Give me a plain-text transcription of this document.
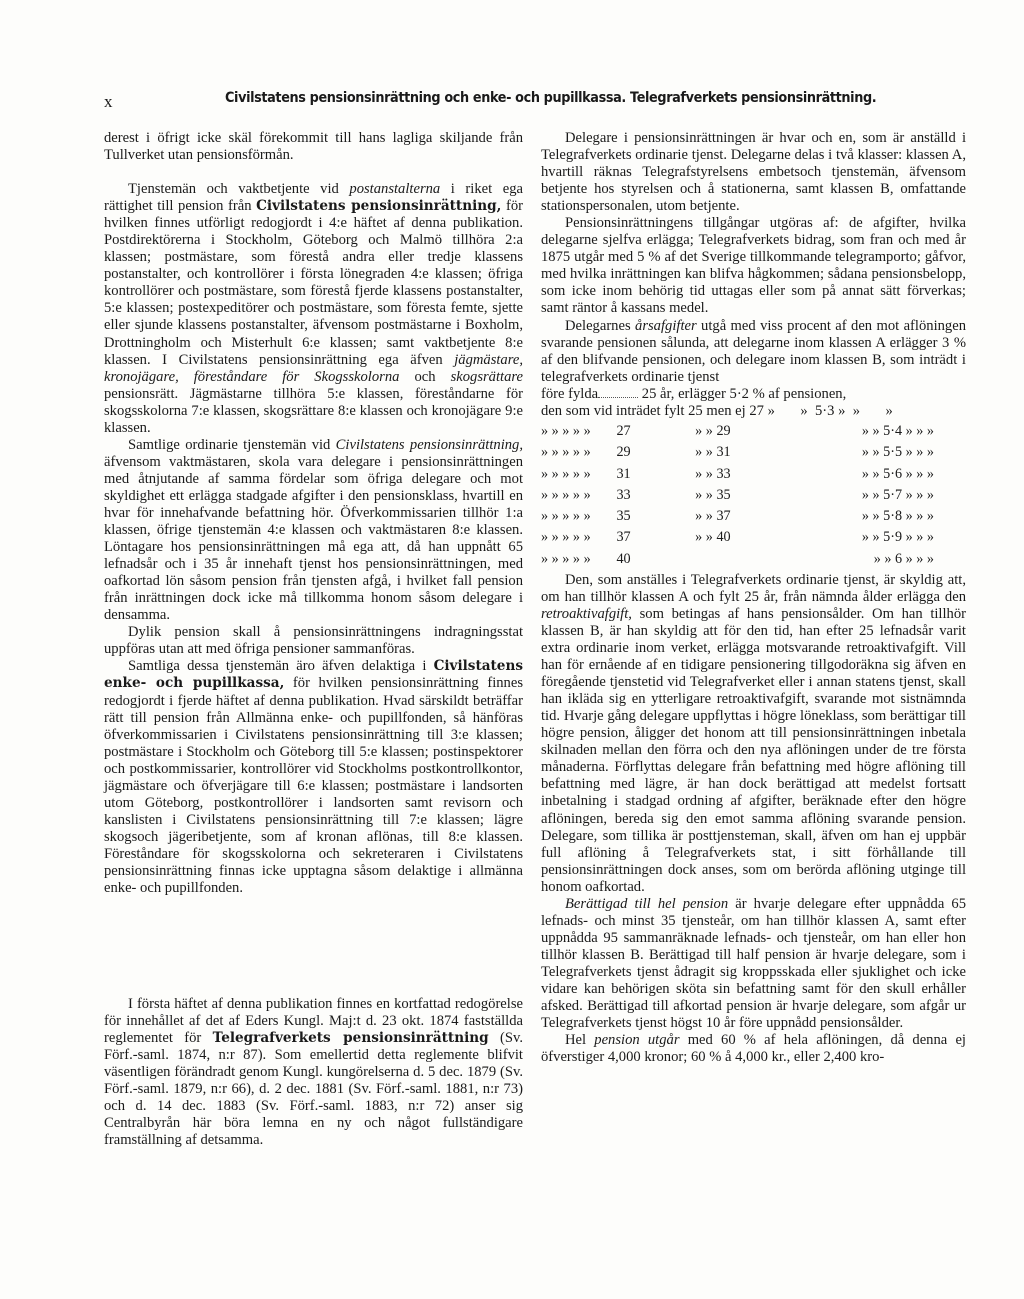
x	Civilstatens pensionsinrättning och enke- och pupillkassa. Telegrafverkets pensionsinrättning.

derest i öfrigt icke skäl förekommit till hans lagliga skiljande från Tullverket utan pensionsförmån.

Tjenstemän och vaktbetjente vid postanstalterna i riket ega rättighet till pension från Civilstatens pensionsinrättning, för hvilken finnes utförligt redogjordt i 4:e häftet af denna publikation. Postdirektörerna i Stockholm, Göteborg och Malmö tillhöra 2:a klassen; postmästare, som förestå andra eller tredje klassens postanstalter, och kontrollörer i första lönegraden 4:e klassen; öfriga kontrollörer och postmästare, som förestå fjerde klassens postanstalter, 5:e klassen; postexpeditörer och postmästare, som föresta femte, sjette eller sjunde klassens postanstalter, äfvensom postmästarne i Boxholm, Drottningholm och Misterhult 6:e klassen; samt vaktbetjente 8:e klassen. I Civilstatens pensionsinrättning ega äfven jägmästare, kronojägare, föreståndare för Skogsskolorna och skogsrättare pensionsrätt. Jägmästarne tillhöra 5:e klassen, föreståndarne för skogsskolorna 7:e klassen, skogsrättare 8:e klassen och kronojägare 9:e klassen.

Samtlige ordinarie tjenstemän vid Civilstatens pensionsinrättning, äfvensom vaktmästaren, skola vara delegare i pensionsinrättningen med åtnjutande af samma fördelar som öfriga delegare och mot skyldighet ett erlägga stadgade afgifter i den pensionsklass, hvartill en hvar för innehafvande befattning hör. Öfverkommissarien tillhör 1:a klassen, öfrige tjenstemän 4:e klassen och vaktmästaren 8:e klassen. Löntagare hos pensionsinrättningen må ega att, då han uppnått 65 lefnadsår och i 35 år innehaft tjenst hos pensionsinrättningen, med oafkortad lön såsom pension från tjensten afgå, i hvilket fall pension från inrättningen dock icke må tillkomma honom såsom delegare i densamma.

Dylik pension skall å pensionsinrättningens indragningsstat uppföras utan att med öfriga pensioner sammanföras.

Samtliga dessa tjenstemän äro äfven delaktiga i Civilstatens enke- och pupillkassa, för hvilken pensionsinrättning finnes redogjordt i fjerde häftet af denna publikation. Hvad särskildt beträffar rätt till pension från Allmänna enke- och pupillfonden, så hänföras öfverkommissarien i Civilstatens pensionsinrättning till 3:e klassen; postmästare i Stockholm och Göteborg till 5:e klassen; postinspektorer och postkommissarier, kontrollörer vid Stockholms postkontrollkontor, jägmästare och öfverjägare till 6:e klassen; postmästare i landsorten utom Göteborg, postkontrollörer i landsorten samt revisorn och kanslisten i Civilstatens pensionsinrättning till 7:e klassen; lägre skogsoch jägeribetjente, som af kronan aflönas, till 8:e klassen. Föreståndare för skogsskolorna och sekreteraren i Civilstatens pensionsinrättning finnas icke upptagna såsom delaktige i allmänna enke- och pupillfonden.

I första häftet af denna publikation finnes en kortfattad redogörelse för innehållet af det af Eders Kungl. Maj:t d. 23 okt. 1874 fastställda reglementet för Telegrafverkets pensionsinrättning (Sv. Förf.-saml. 1874, n:r 87). Som emellertid detta reglemente blifvit väsentligen förändradt genom Kungl. kungörelserna d. 5 dec. 1879 (Sv. Förf.-saml. 1879, n:r 66), d. 2 dec. 1881 (Sv. Förf.-saml. 1881, n:r 73) och d. 14 dec. 1883 (Sv. Förf.-saml. 1883, n:r 72) anser sig Centralbyrån här böra lemna en ny och något fullständigare framställning af detsamma.

Delegare i pensionsinrättningen är hvar och en, som är anställd i Telegrafverkets ordinarie tjenst. Delegarne delas i två klasser: klassen A, hvartill räknas Telegrafstyrelsens embetsoch tjenstemän, äfvensom betjente hos styrelsen och å stationerna, samt klassen B, omfattande stationspersonalen, utom betjente.

Pensionsinrättningens tillgångar utgöras af: de afgifter, hvilka delegarne sjelfva erlägga; Telegrafverkets bidrag, som fran och med år 1875 utgår med 5 % af det Sverige tillkommande telegramporto; gåfvor, med hvilka inrättningen kan blifva hågkommen; sådana pensionsbelopp, som icke inom behörig tid uttagas eller som på annat sätt förverkas; samt räntor å kassans medel.

Delegarnes årsafgifter utgå med viss procent af den mot aflöningen svarande pensionen sålunda, att delegarne inom klassen A erlägger 3 % af den blifvande pensionen, och delegare inom klassen B, som inträdt i telegrafverkets ordinarie tjenst

före fylda	25 år, erlägger 5·2 % af pensionen,

den som vid inträdet fylt 25 men ej 27 »       »  5·3 »  »       »

» » » » »	27	» » 29	» » 5·4 » » »
» » » » »	29	» » 31	» » 5·5 » » »
» » » » »	31	» » 33	» » 5·6 » » »
» » » » »	33	» » 35	» » 5·7 » » »
» » » » »	35	» » 37	» » 5·8 » » »
» » » » »	37	» » 40	» » 5·9 » » »
» » » » »	40		» » 6 » » »

Den, som anställes i Telegrafverkets ordinarie tjenst, är skyldig att, om han tillhör klassen A och fylt 25 år, från nämnda ålder erlägga den retroaktivafgift, som betingas af hans pensionsålder. Om han tillhör klassen B, är han skyldig att för den tid, han efter 25 lefnadsår varit extra ordinarie inom verket, erlägga motsvarande retroaktivafgift. Vill han för ernående af en tidigare pensionering tillgodoräkna sig äfven en föregående tjenstetid vid Telegrafverket eller i annan statens tjenst, skall han ikläda sig en ytterligare retroaktivafgift, svarande mot sistnämnda tid. Hvarje gång delegare uppflyttas i högre löneklass, som berättigar till högre pension, åligger det honom att till pensionsinrättningen inbetala skilnaden mellan den förra och den nya aflöningen under de tre första månaderna. Förflyttas delegare från befattning med högre aflöning till befattning med lägre, är han dock berättigad att medelst fortsatt inbetalning i stadgad ordning af afgifter, beräknade efter den högre aflöningen, bereda sig den emot samma aflöning svarande pension. Delegare, som tillika är posttjensteman, skall, äfven om han ej uppbär full aflöning å Telegrafverkets stat, i sitt förhållande till pensionsinrättningen dock anses, som om berörda aflöning utginge till honom oafkortad.

Berättigad till hel pension är hvarje delegare efter uppnådda 65 lefnads- och minst 35 tjensteår, om han tillhör klassen A, samt efter uppnådda 95 sammanräknade lefnads- och tjensteår, om han eller hon tillhör klassen B. Berättigad till half pension är hvarje delegare, som i Telegrafverkets tjenst ådragit sig kroppsskada eller sjuklighet och icke vidare kan behörigen sköta sin befattning samt för den skull erhåller afsked. Berättigad till afkortad pension är hvarje delegare, som afgår ur Telegrafverkets tjenst högst 10 år före uppnådd pensionsålder.

Hel pension utgår med 60 % af hela aflöningen, då denna ej öfverstiger 4,000 kronor; 60 % å 4,000 kr., eller 2,400 kro-
